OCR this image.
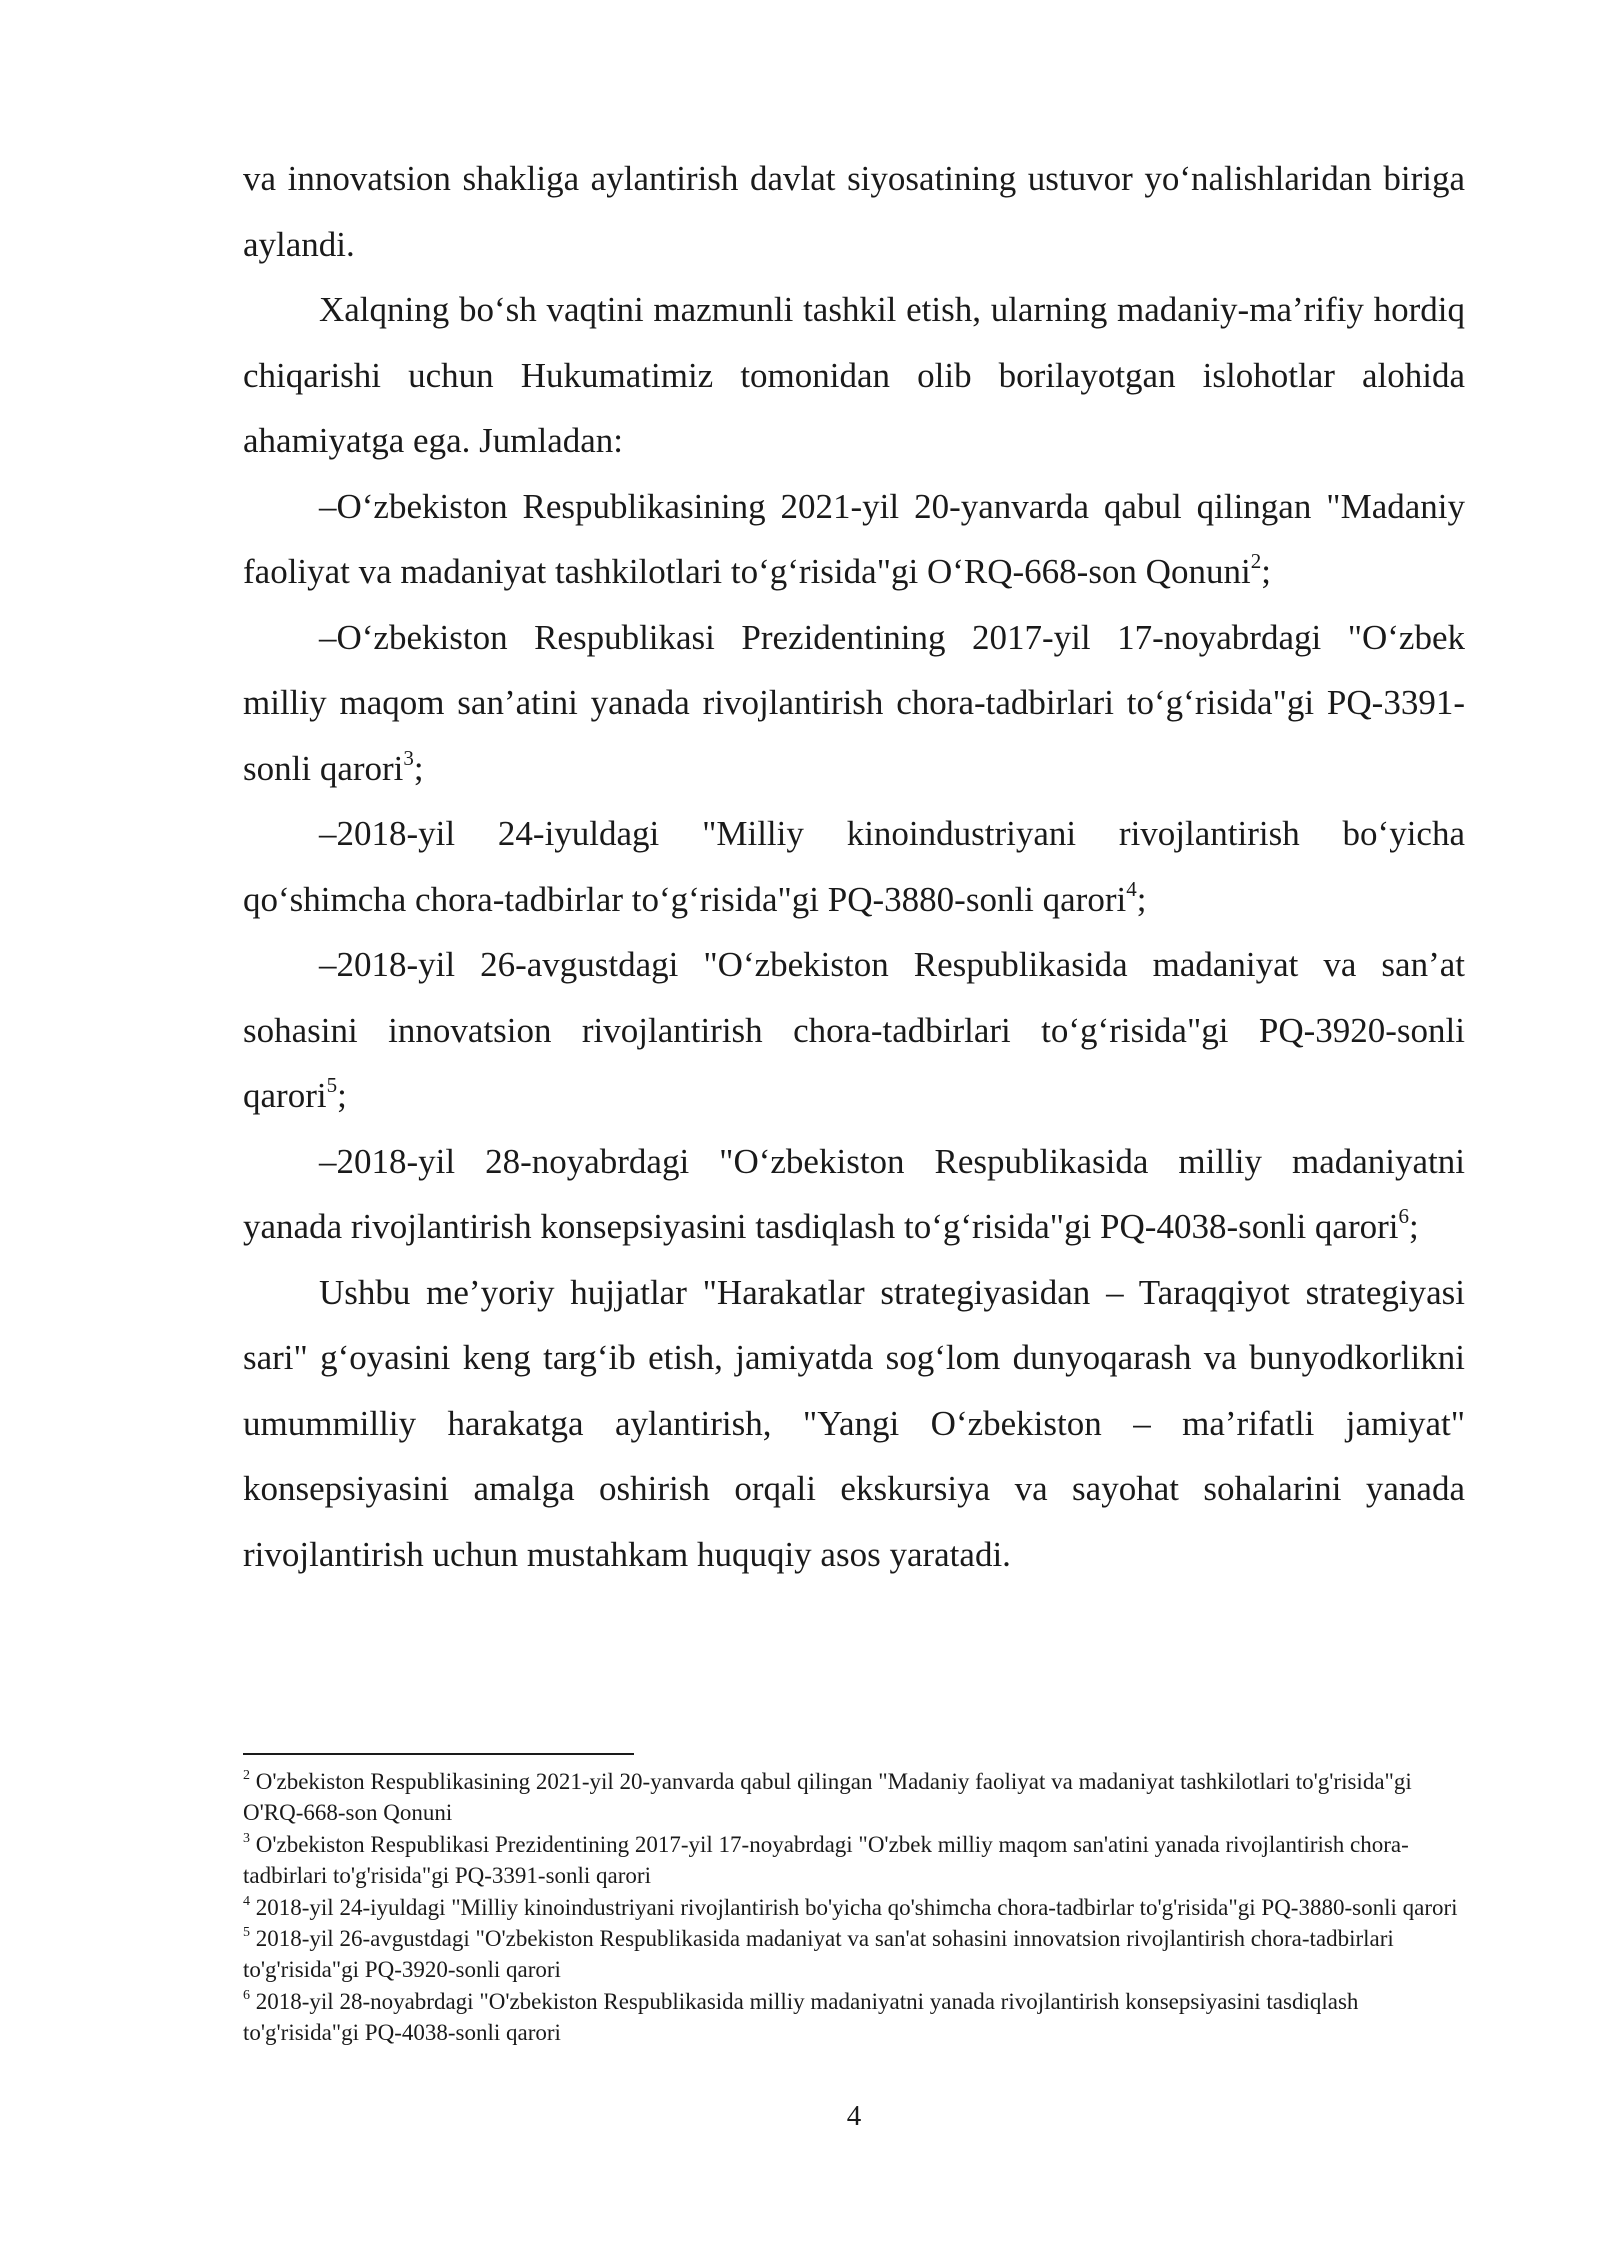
va innovatsion shakliga aylantirish davlat siyosatining ustuvor yo‘nalishlaridan biriga aylandi.

Xalqning bo‘sh vaqtini mazmunli tashkil etish, ularning madaniy-ma’rifiy hordiq chiqarishi uchun Hukumatimiz tomonidan olib borilayotgan islohotlar alohida ahamiyatga ega. Jumladan:

–O‘zbekiston Respublikasining 2021-yil 20-yanvarda qabul qilingan "Madaniy faoliyat va madaniyat tashkilotlari to‘g‘risida"gi O‘RQ-668-son Qonuni$^2$;

–O‘zbekiston Respublikasi Prezidentining 2017-yil 17-noyabrdagi "O‘zbek milliy maqom san’atini yanada rivojlantirish chora-tadbirlari to‘g‘risida"gi PQ-3391-sonli qarori$^3$;

–2018-yil 24-iyuldagi "Milliy kinoindustriyani rivojlantirish bo‘yicha qo‘shimcha chora-tadbirlar to‘g‘risida"gi PQ-3880-sonli qarori$^4$;

–2018-yil 26-avgustdagi "O‘zbekiston Respublikasida madaniyat va san’at sohasini innovatsion rivojlantirish chora-tadbirlari to‘g‘risida"gi PQ-3920-sonli qarori$^5$;

–2018-yil 28-noyabrdagi "O‘zbekiston Respublikasida milliy madaniyatni yanada rivojlantirish konsepsiyasini tasdiqlash to‘g‘risida"gi PQ-4038-sonli qarori$^6$;

Ushbu me’yoriy hujjatlar "Harakatlar strategiyasidan – Taraqqiyot strategiyasi sari" g‘oyasini keng targ‘ib etish, jamiyatda sog‘lom dunyoqarash va bunyodkorlikni umummilliy harakatga aylantirish, "Yangi O‘zbekiston – ma’rifatli jamiyat" konsepsiyasini amalga oshirish orqali ekskursiya va sayohat sohalarini yanada rivojlantirish uchun mustahkam huquqiy asos yaratadi.

$^2$ O'zbekiston Respublikasining 2021-yil 20-yanvarda qabul qilingan "Madaniy faoliyat va madaniyat tashkilotlari to'g'risida"gi O'RQ-668-son Qonuni

$^3$ O'zbekiston Respublikasi Prezidentining 2017-yil 17-noyabrdagi "O'zbek milliy maqom san'atini yanada rivojlantirish chora-tadbirlari to'g'risida"gi PQ-3391-sonli qarori

$^4$ 2018-yil 24-iyuldagi "Milliy kinoindustriyani rivojlantirish bo'yicha qo'shimcha chora-tadbirlar to'g'risida"gi PQ-3880-sonli qarori

$^5$ 2018-yil 26-avgustdagi "O'zbekiston Respublikasida madaniyat va san'at sohasini innovatsion rivojlantirish chora-tadbirlari to'g'risida"gi PQ-3920-sonli qarori

$^6$ 2018-yil 28-noyabrdagi "O'zbekiston Respublikasida milliy madaniyatni yanada rivojlantirish konsepsiyasini tasdiqlash to'g'risida"gi PQ-4038-sonli qarori

4
